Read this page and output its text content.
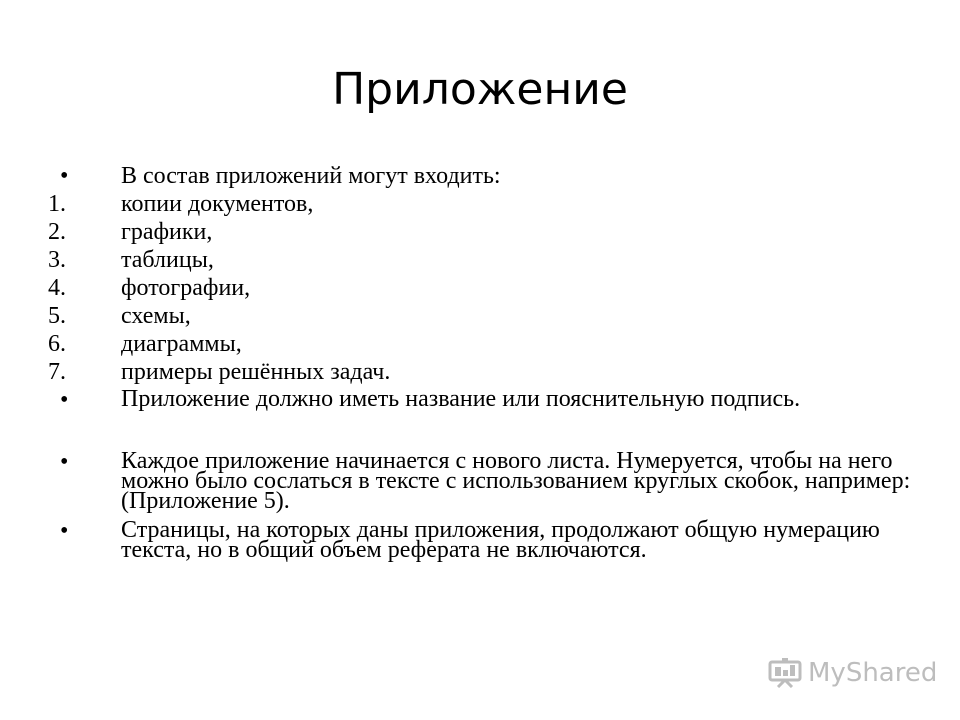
Приложение
•	В состав приложений могут входить:
1.	копии документов,
2.	графики,
3.	таблицы,
4.	фотографии,
5.	схемы,
6.	диаграммы,
7.	примеры решённых задач.
•	Приложение должно иметь название или пояснительную подпись.
•	Каждое приложение начинается с нового листа. Нумеруется, чтобы на него можно было сослаться в тексте с использованием круглых скобок, например: (Приложение 5).
•	Страницы, на которых даны приложения, продолжают общую нумерацию текста, но в общий объем реферата не включаются.
MyShared
